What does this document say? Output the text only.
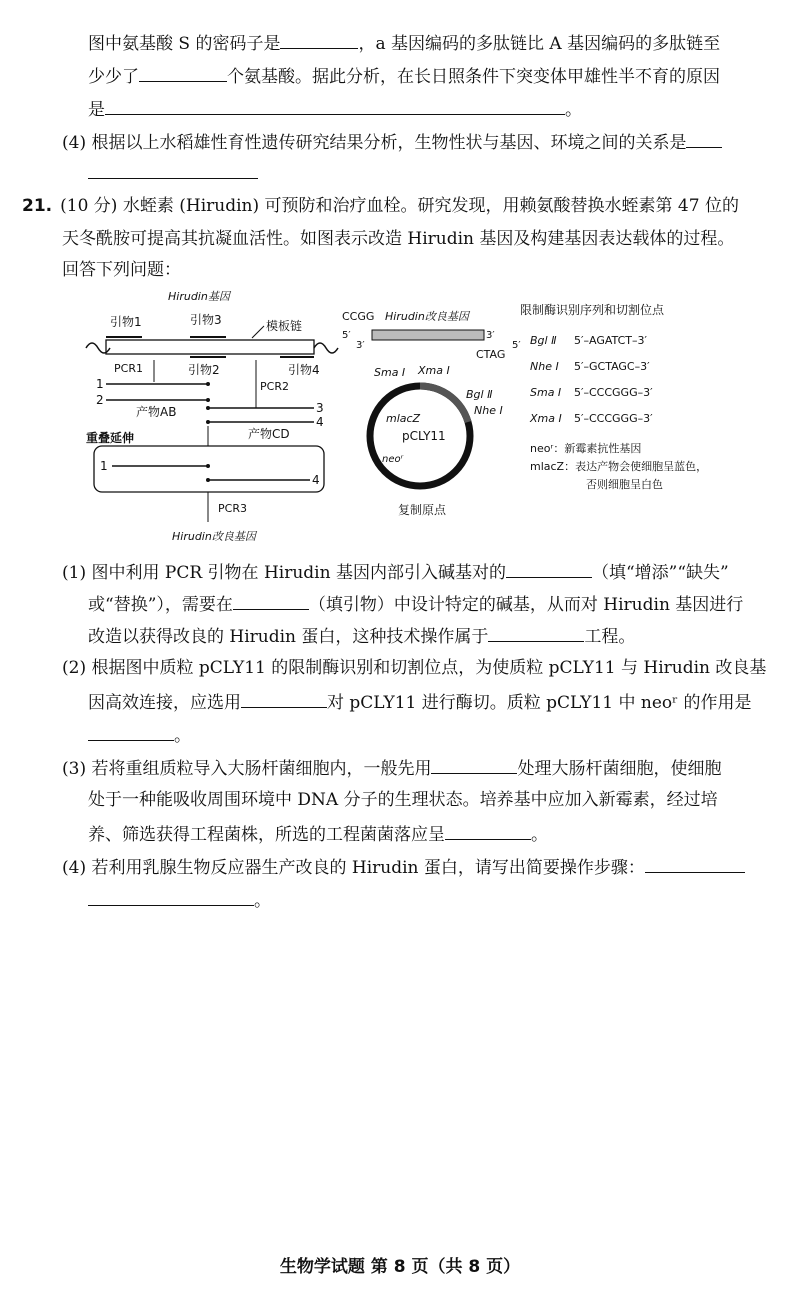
图中氨基酸 S 的密码子是	，a 基因编码的多肽链比 A 基因编码的多肽链至
少少了	个氨基酸。据此分析，在长日照条件下突变体甲雄性半不育的原因
是	。
(4) 根据以上水稻雄性育性遗传研究结果分析，生物性状与基因、环境之间的关系是
21. (10 分) 水蛭素 (Hirudin) 可预防和治疗血栓。研究发现，用赖氨酸替换水蛭素第 47 位的
天冬酰胺可提高其抗凝血活性。如图表示改造 Hirudin 基因及构建基因表达载体的过程。
回答下列问题：
Hirudin基因
引物1	引物3	模板链
引物2	引物4
PCR1
PCR2
1
2
产物AB	3
4
产物CD
重叠延伸
1
4
PCR3
Hirudin改良基因
CCGG Hirudin改良基因
5′
3′
3′
CTAG
5′
pCLY11
mlacZ
neoʳ
Sma Ⅰ Xma Ⅰ
Bgl Ⅱ
Nhe Ⅰ
复制原点
限制酶识别序列和切割位点
Bgl Ⅱ 5′–AGATCT–3′
Nhe Ⅰ 5′–GCTAGC–3′
Sma Ⅰ 5′–CCCGGG–3′
Xma Ⅰ 5′–CCCGGG–3′
neoʳ：新霉素抗性基因
mlacZ：表达产物会使细胞呈蓝色，
否则细胞呈白色
(1) 图中利用 PCR 引物在 Hirudin 基因内部引入碱基对的	（填“增添”“缺失”
或“替换”），需要在	（填引物）中设计特定的碱基，从而对 Hirudin 基因进行
改造以获得改良的 Hirudin 蛋白，这种技术操作属于	工程。
(2) 根据图中质粒 pCLY11 的限制酶识别和切割位点，为使质粒 pCLY11 与 Hirudin 改良基
因高效连接，应选用	对 pCLY11 进行酶切。质粒 pCLY11 中 neoʳ 的作用是
。
(3) 若将重组质粒导入大肠杆菌细胞内，一般先用	处理大肠杆菌细胞，使细胞
处于一种能吸收周围环境中 DNA 分子的生理状态。培养基中应加入新霉素，经过培
养、筛选获得工程菌株，所选的工程菌菌落应呈	。
(4) 若利用乳腺生物反应器生产改良的 Hirudin 蛋白，请写出简要操作步骤：
。
生物学试题 第 8 页（共 8 页）
